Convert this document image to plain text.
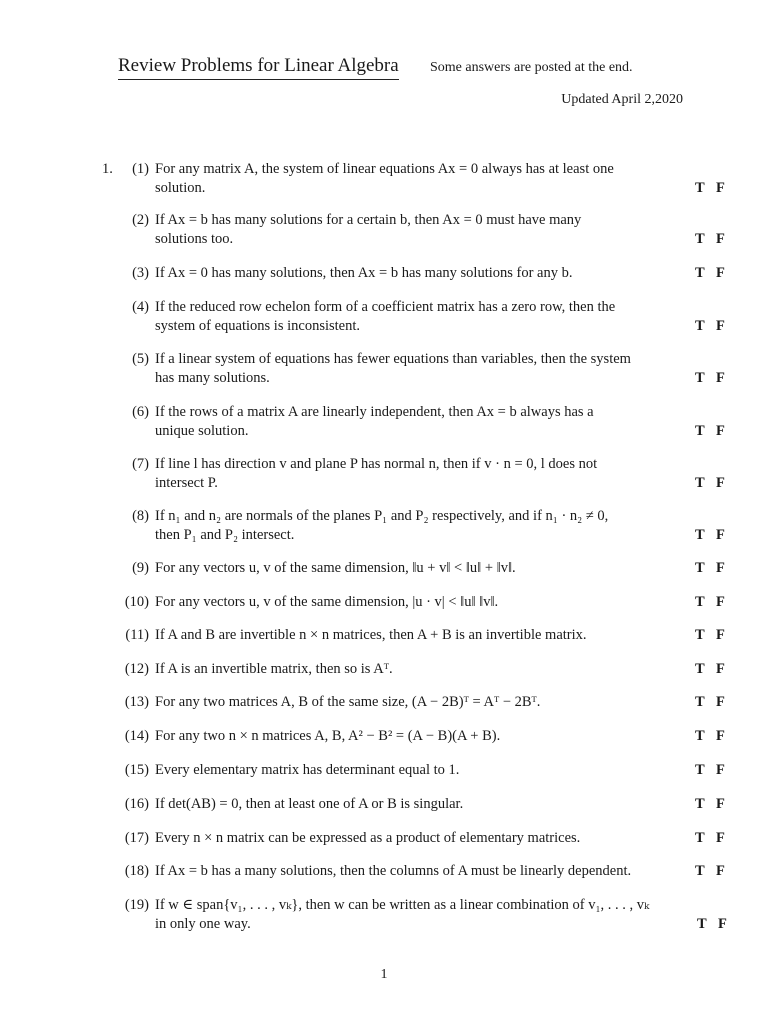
Review Problems for Linear Algebra Some answers are posted at the end.
Updated April 2,2020
1.	(1) For any matrix A, the system of linear equations Ax = 0 always has at least one
solution.	T F
(2) If Ax = b has many solutions for a certain b, then Ax = 0 must have many
solutions too.	T F
(3) If Ax = 0 has many solutions, then Ax = b has many solutions for any b.	T F
(4) If the reduced row echelon form of a coefficient matrix has a zero row, then the
system of equations is inconsistent.	T F
(5) If a linear system of equations has fewer equations than variables, then the system
has many solutions.	T F
(6) If the rows of a matrix A are linearly independent, then Ax = b always has a
unique solution.	T F
(7) If line l has direction v and plane P has normal n, then if v · n = 0, l does not
intersect P.	T F
(8) If n₁ and n₂ are normals of the planes P₁ and P₂ respectively, and if n₁ · n₂ ≠ 0,
then P₁ and P₂ intersect.	T F
(9) For any vectors u, v of the same dimension, ‖u + v‖ < ‖u‖ + ‖v‖.	T F
(10) For any vectors u, v of the same dimension, |u · v| < ‖u‖ ‖v‖.	T F
(11) If A and B are invertible n × n matrices, then A + B is an invertible matrix.	T F
(12) If A is an invertible matrix, then so is Aᵀ.	T F
(13) For any two matrices A, B of the same size, (A − 2B)ᵀ = Aᵀ − 2Bᵀ.	T F
(14) For any two n × n matrices A, B, A² − B² = (A − B)(A + B).	T F
(15) Every elementary matrix has determinant equal to 1.	T F
(16) If det(AB) = 0, then at least one of A or B is singular.	T F
(17) Every n × n matrix can be expressed as a product of elementary matrices.	T F
(18) If Ax = b has a many solutions, then the columns of A must be linearly dependent.	T F
(19) If w ∈ span{v₁, . . . , vₖ}, then w can be written as a linear combination of v₁, . . . , vₖ
in only one way.	T F
1
